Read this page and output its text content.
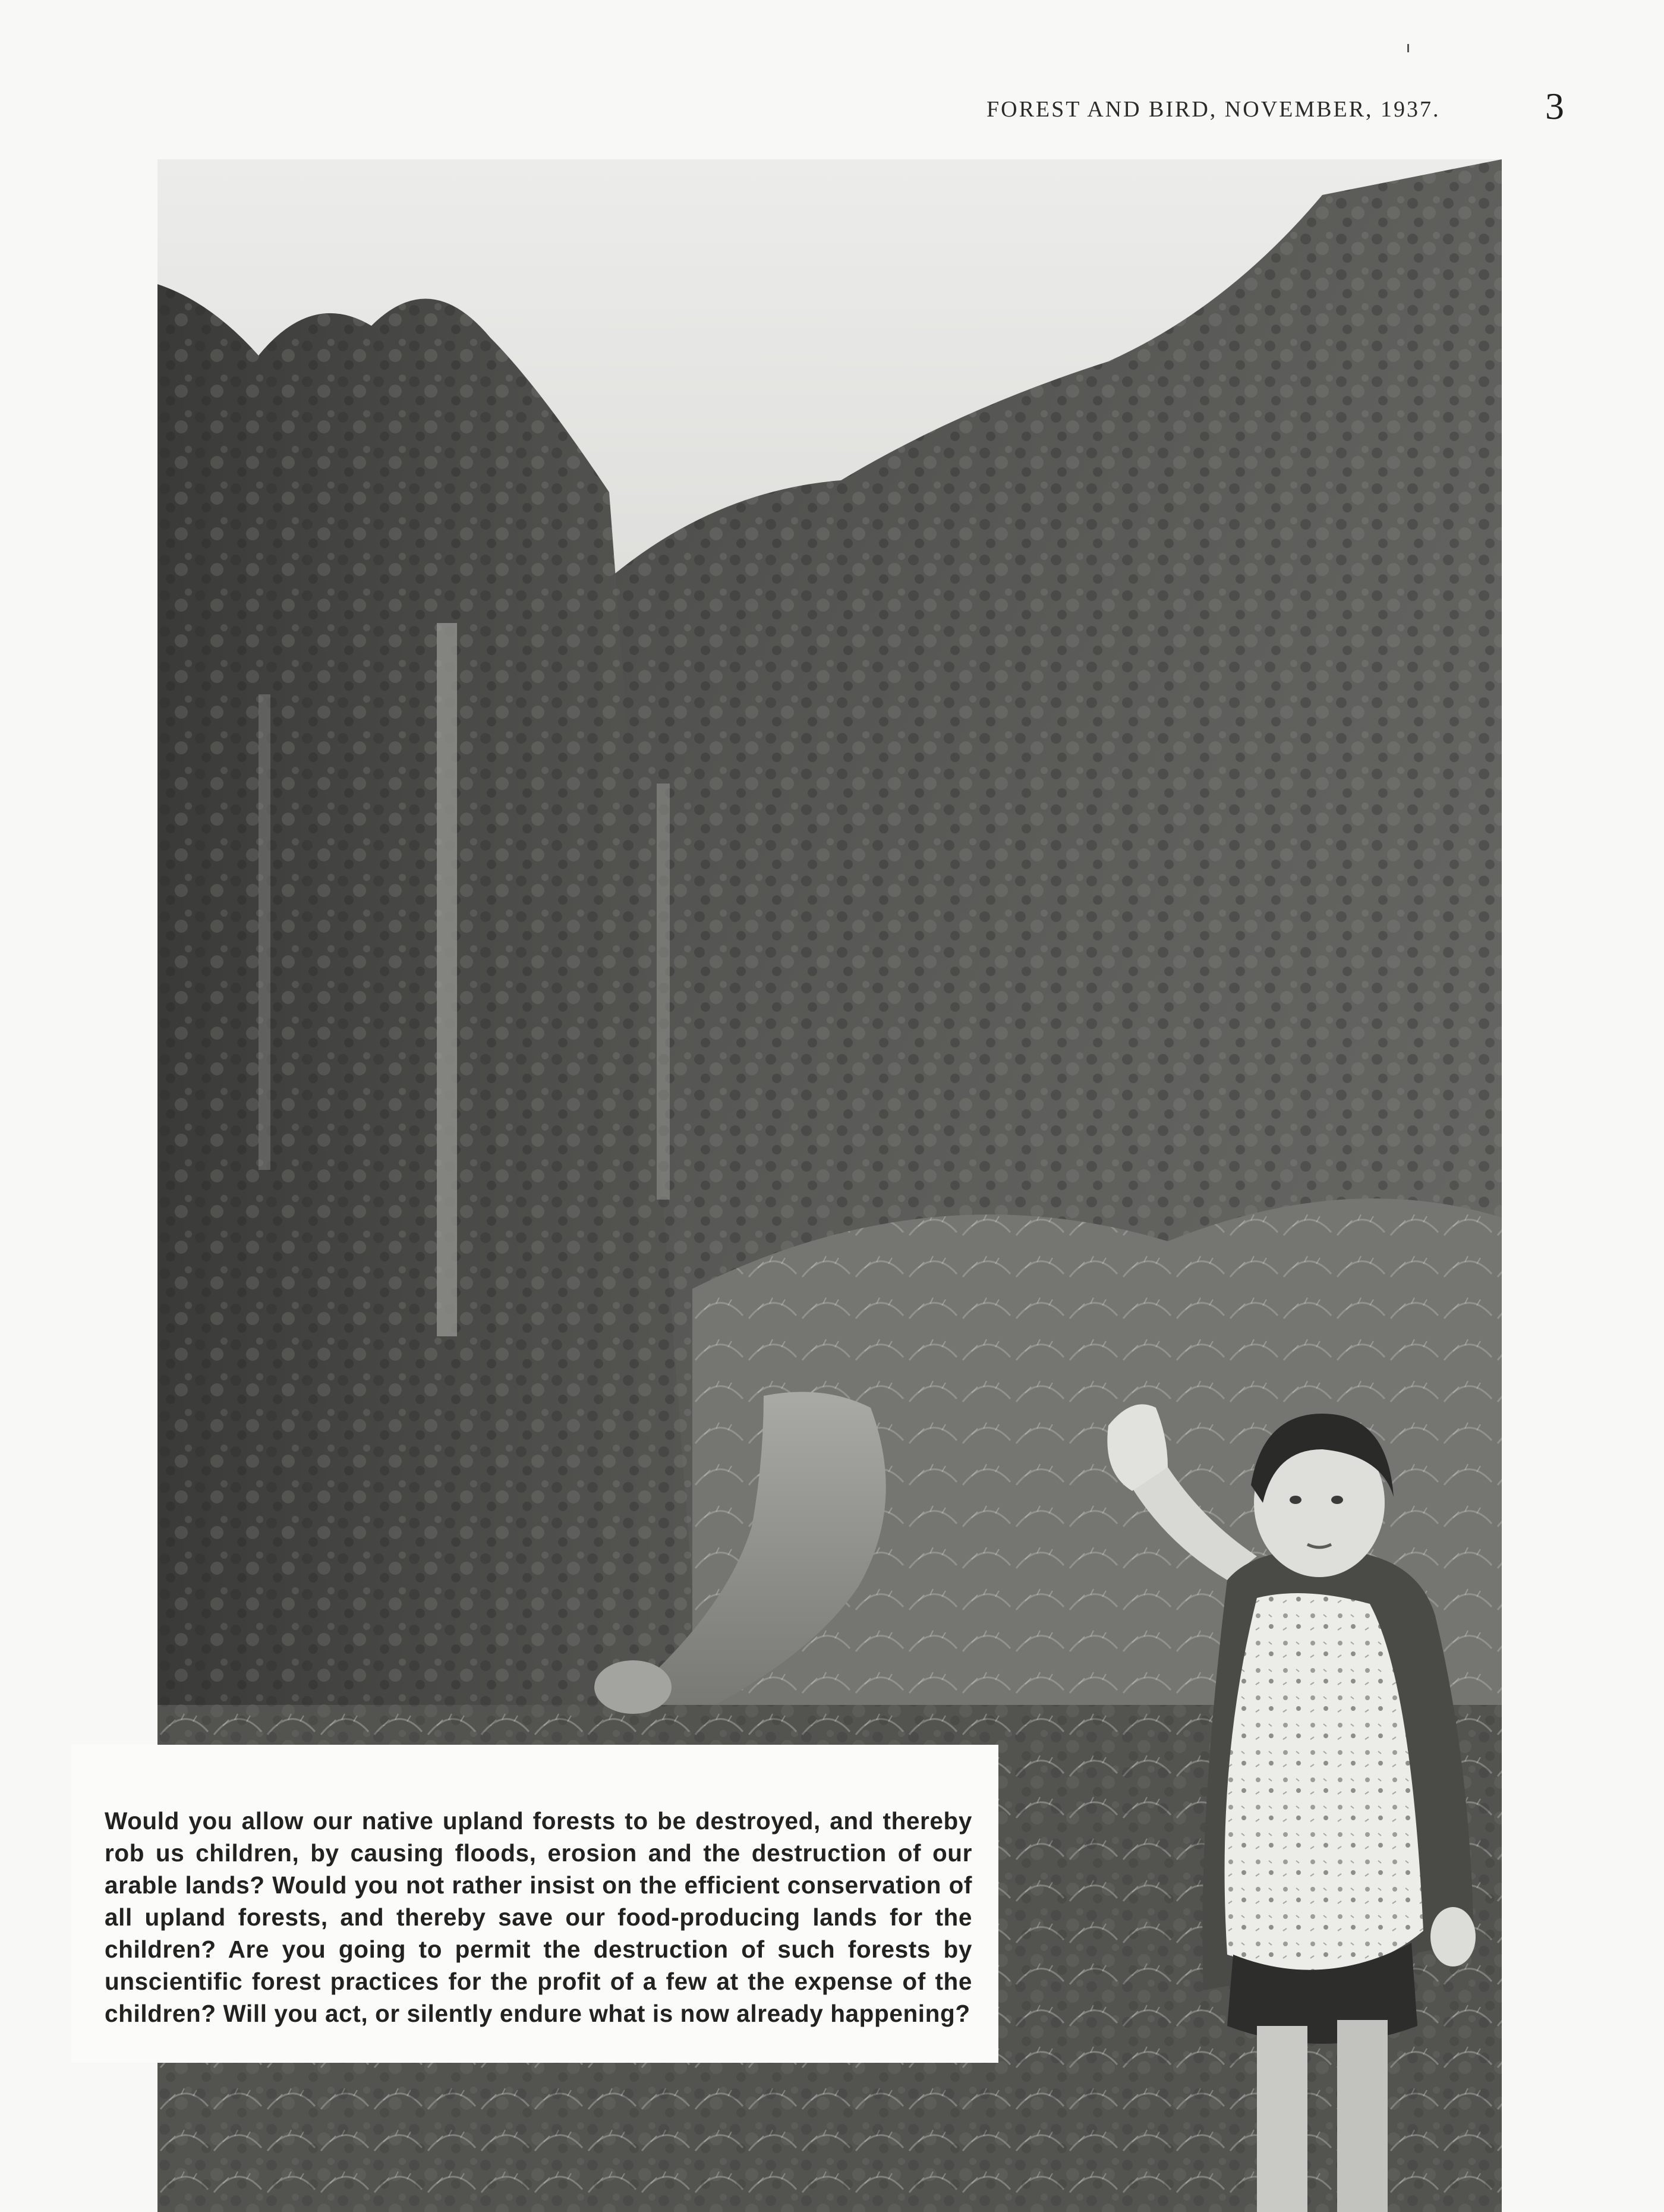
FOREST AND BIRD, NOVEMBER, 1937.	3

Would you allow our native upland forests to be destroyed, and thereby rob us children, by causing floods, erosion and the destruction of our arable lands? Would you not rather insist on the efficient conservation of all upland forests, and thereby save our food-producing lands for the children? Are you going to permit the destruction of such forests by unscientific forest practices for the profit of a few at the expense of the children? Will you act, or silently endure what is now already happening?
